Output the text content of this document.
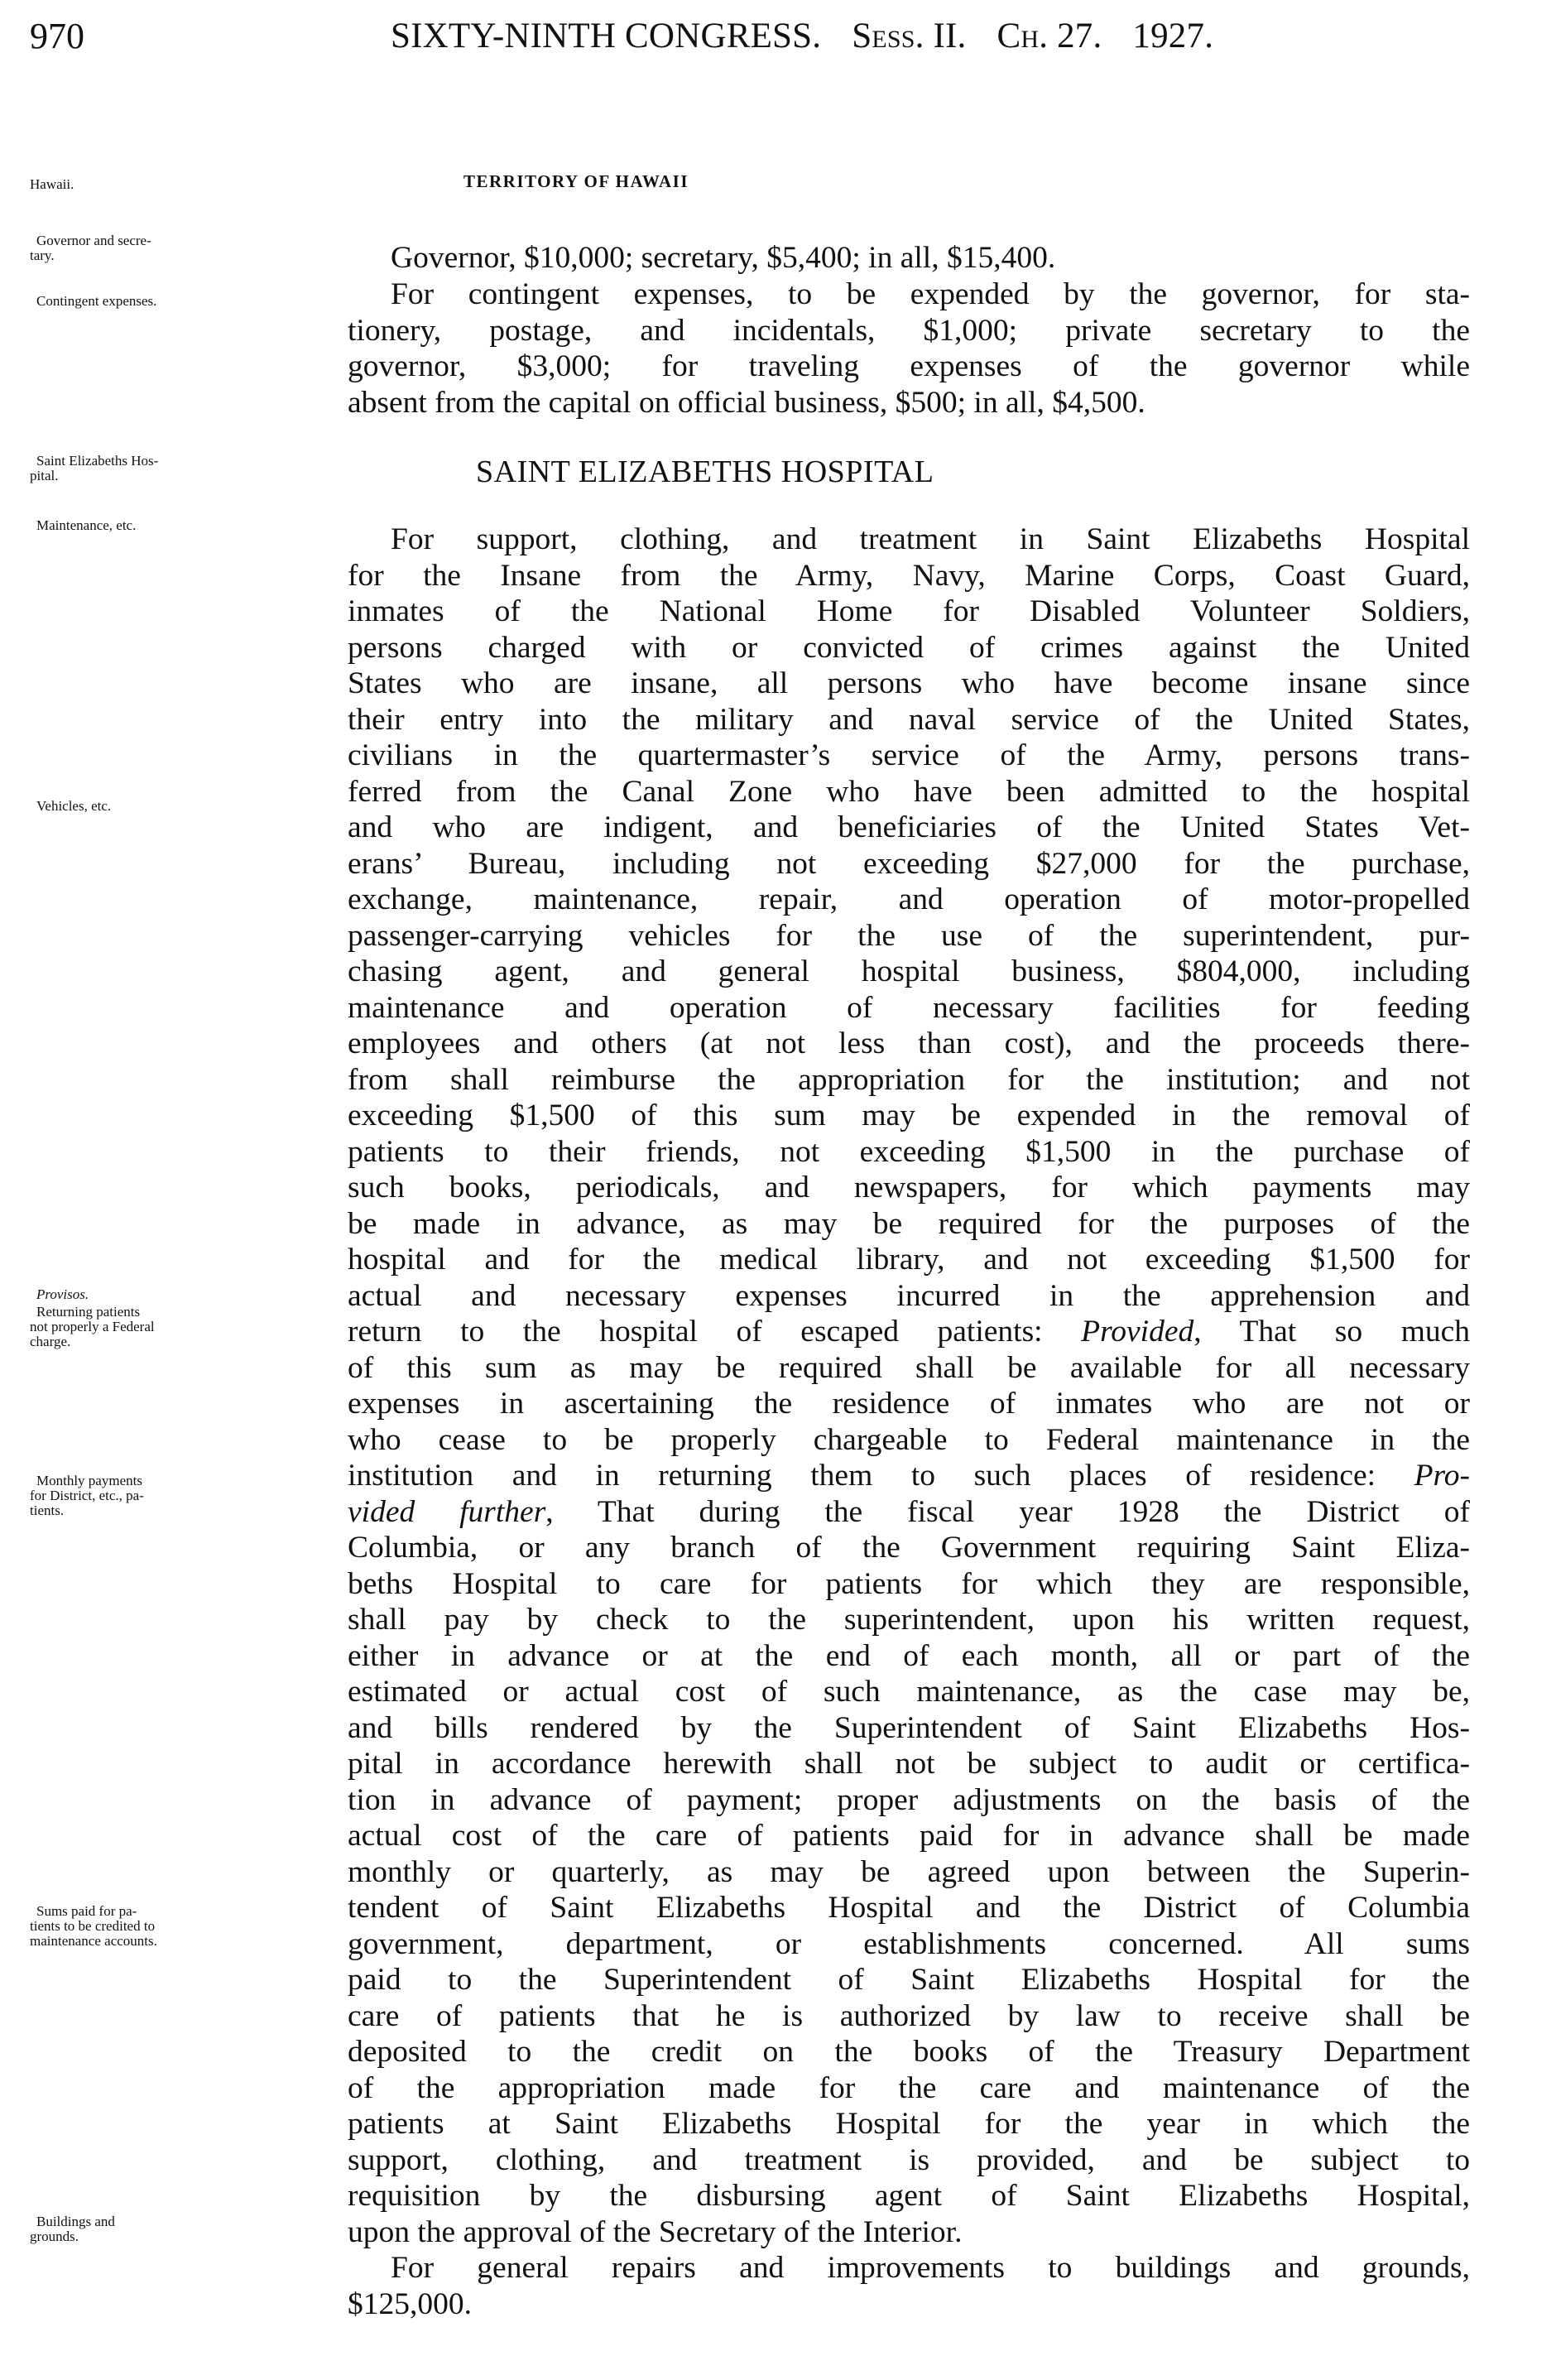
970	SIXTY-NINTH CONGRESS. Sess. II. Ch. 27. 1927.
Hawaii.	TERRITORY OF HAWAII
Governor and secre-
tary.
Contingent expenses.
Governor, $10,000; secretary, $5,400; in all, $15,400.
For contingent expenses, to be expended by the governor, for sta-
tionery, postage, and incidentals, $1,000; private secretary to the
governor, $3,000; for traveling expenses of the governor while
absent from the capital on official business, $500; in all, $4,500.
Saint Elizabeths Hos-
pital.	SAINT ELIZABETHS HOSPITAL
Maintenance, etc.	For support, clothing, and treatment in Saint Elizabeths Hospital
for the Insane from the Army, Navy, Marine Corps, Coast Guard,
inmates of the National Home for Disabled Volunteer Soldiers,
persons charged with or convicted of crimes against the United
States who are insane, all persons who have become insane since
their entry into the military and naval service of the United States,
civilians in the quartermaster’s service of the Army, persons trans-
Vehicles, etc.	ferred from the Canal Zone who have been admitted to the hospital
and who are indigent, and beneficiaries of the United States Vet-
erans’ Bureau, including not exceeding $27,000 for the purchase,
exchange, maintenance, repair, and operation of motor-propelled
passenger-carrying vehicles for the use of the superintendent, pur-
chasing agent, and general hospital business, $804,000, including
maintenance and operation of necessary facilities for feeding
employees and others (at not less than cost), and the proceeds there-
from shall reimburse the appropriation for the institution; and not
exceeding $1,500 of this sum may be expended in the removal of
patients to their friends, not exceeding $1,500 in the purchase of
such books, periodicals, and newspapers, for which payments may
be made in advance, as may be required for the purposes of the
hospital and for the medical library, and not exceeding $1,500 for
actual and necessary expenses incurred in the apprehension and
Provisos.
Returning patients
not properly a Federal
charge.	return to the hospital of escaped patients: Provided, That so much
of this sum as may be required shall be available for all necessary
expenses in ascertaining the residence of inmates who are not or
who cease to be properly chargeable to Federal maintenance in the
institution and in returning them to such places of residence: Pro-
Monthly payments
for District, etc., pa-
tients.	vided further, That during the fiscal year 1928 the District of
Columbia, or any branch of the Government requiring Saint Eliza-
beths Hospital to care for patients for which they are responsible,
shall pay by check to the superintendent, upon his written request,
either in advance or at the end of each month, all or part of the
estimated or actual cost of such maintenance, as the case may be,
and bills rendered by the Superintendent of Saint Elizabeths Hos-
pital in accordance herewith shall not be subject to audit or certifica-
tion in advance of payment; proper adjustments on the basis of the
actual cost of the care of patients paid for in advance shall be made
monthly or quarterly, as may be agreed upon between the Superin-
tendent of Saint Elizabeths Hospital and the District of Columbia
Sums paid for pa-
tients to be credited to
maintenance accounts.	government, department, or establishments concerned. All sums
paid to the Superintendent of Saint Elizabeths Hospital for the
care of patients that he is authorized by law to receive shall be
deposited to the credit on the books of the Treasury Department
of the appropriation made for the care and maintenance of the
patients at Saint Elizabeths Hospital for the year in which the
support, clothing, and treatment is provided, and be subject to
requisition by the disbursing agent of Saint Elizabeths Hospital,
upon the approval of the Secretary of the Interior.
Buildings and
grounds.
For general repairs and improvements to buildings and grounds,
$125,000.
